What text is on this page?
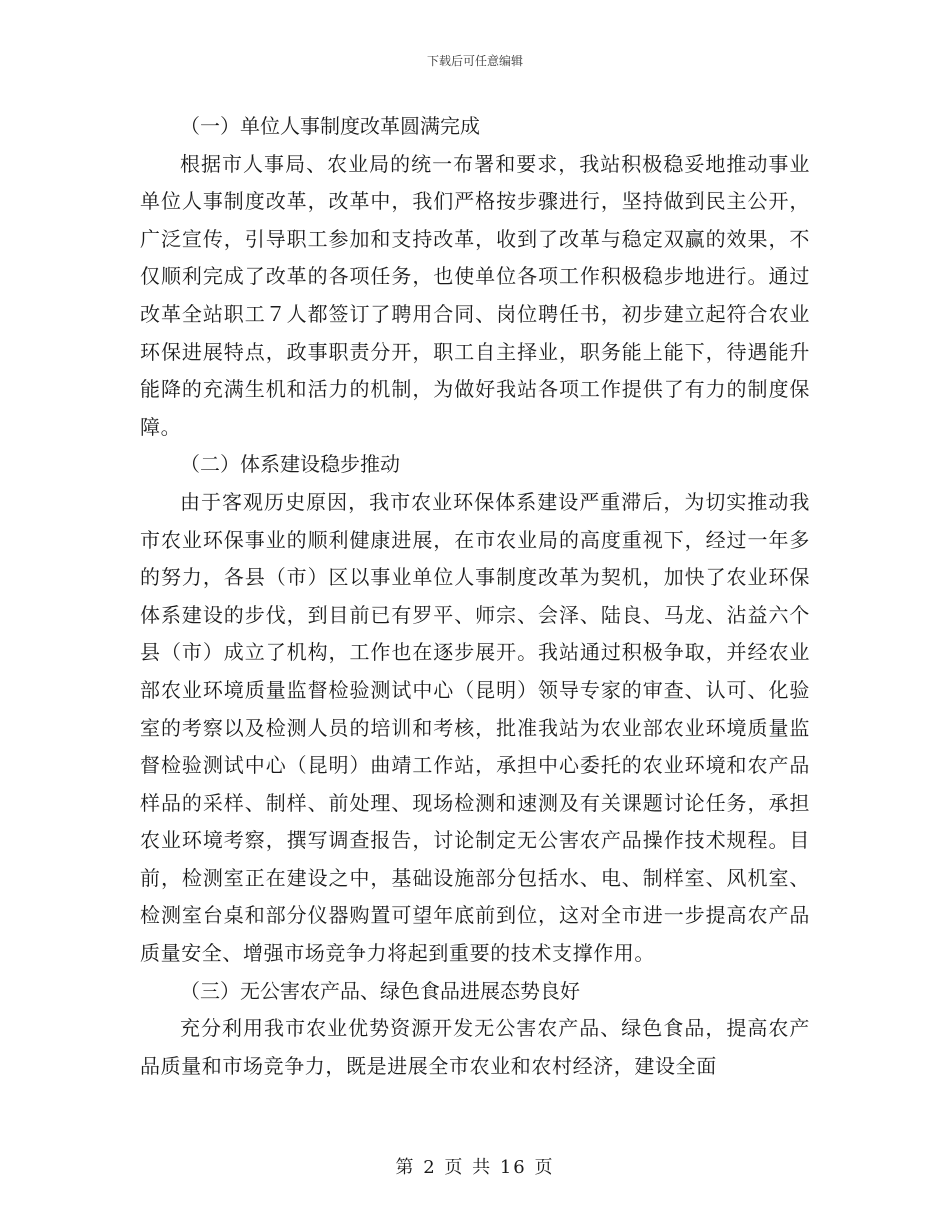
下载后可任意编辑

（一）单位人事制度改革圆满完成

根据市人事局、农业局的统一布署和要求，我站积极稳妥地推动事业单位人事制度改革，改革中，我们严格按步骤进行，坚持做到民主公开，广泛宣传，引导职工参加和支持改革，收到了改革与稳定双赢的效果，不仅顺利完成了改革的各项任务，也使单位各项工作积极稳步地进行。通过改革全站职工７人都签订了聘用合同、岗位聘任书，初步建立起符合农业环保进展特点，政事职责分开，职工自主择业，职务能上能下，待遇能升能降的充满生机和活力的机制，为做好我站各项工作提供了有力的制度保障。

（二）体系建设稳步推动

由于客观历史原因，我市农业环保体系建设严重滞后，为切实推动我市农业环保事业的顺利健康进展，在市农业局的高度重视下，经过一年多的努力，各县（市）区以事业单位人事制度改革为契机，加快了农业环保体系建设的步伐，到目前已有罗平、师宗、会泽、陆良、马龙、沾益六个县（市）成立了机构，工作也在逐步展开。我站通过积极争取，并经农业部农业环境质量监督检验测试中心（昆明）领导专家的审查、认可、化验室的考察以及检测人员的培训和考核，批准我站为农业部农业环境质量监督检验测试中心（昆明）曲靖工作站，承担中心委托的农业环境和农产品样品的采样、制样、前处理、现场检测和速测及有关课题讨论任务，承担农业环境考察，撰写调查报告，讨论制定无公害农产品操作技术规程。目前，检测室正在建设之中，基础设施部分包括水、电、制样室、风机室、检测室台桌和部分仪器购置可望年底前到位，这对全市进一步提高农产品质量安全、增强市场竞争力将起到重要的技术支撑作用。

（三）无公害农产品、绿色食品进展态势良好

充分利用我市农业优势资源开发无公害农产品、绿色食品，提高农产品质量和市场竞争力，既是进展全市农业和农村经济，建设全面

第 2 页 共 16 页
